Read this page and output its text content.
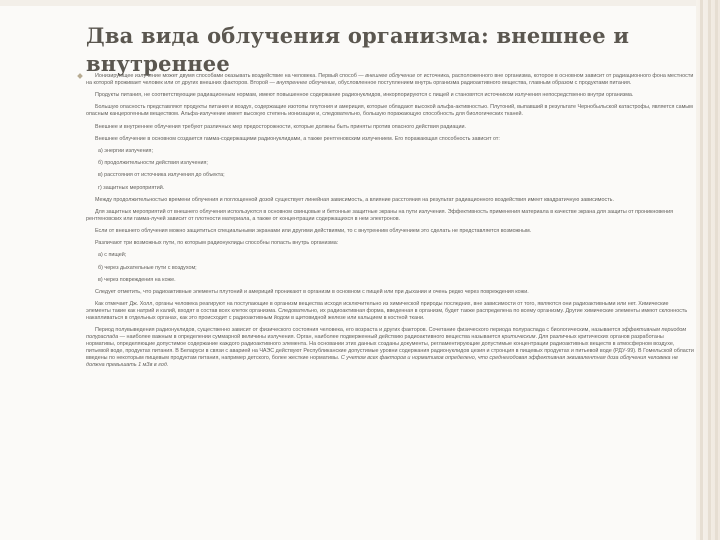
Два вида облучения организма: внешнее и внутреннее

Ионизирующее излучение может двумя способами оказывать воздействие на человека. Первый способ — внешнее облучение от источника, расположенного вне организма, которое в основном зависит от радиационного фона местности на которой проживает человек или от других внешних факторов. Второй — внутреннее облучение, обусловленное поступлением внутрь организма радиоактивного вещества, главным образом с продуктами питания.

Продукты питания, не соответствующие радиационным нормам, имеют повышенное содержание радионуклидов, инкорпорируются с пищей и становятся источником излучения непосредственно внутри организма.

Большую опасность представляют продукты питания и воздух, содержащие изотопы плутония и америция, которые обладают высокой альфа-активностью. Плутоний, выпавший в результате Чернобыльской катастрофы, является самым опасным канцерогенным веществом. Альфа-излучение имеет высокую степень ионизации и, следовательно, большую поражающую способность для биологических тканей.

Внешнее и внутреннее облучения требуют различных мер предосторожности, которые должны быть приняты против опасного действия радиации.

Внешнее облучение в основном создается гамма-содержащими радионуклидами, а также рентгеновским излучением. Его поражающая способность зависит от:

а) энергии излучения;

б) продолжительности действия излучения;

в) расстояния от источника излучения до объекта;

г) защитных мероприятий.

Между продолжительностью времени облучения и поглощенной дозой существует линейная зависимость, а влияние расстояния на результат радиационного воздействия имеет квадратичную зависимость.

Для защитных мероприятий от внешнего облучения используются в основном свинцовые и бетонные защитные экраны на пути излучения. Эффективность применения материала в качестве экрана для защиты от проникновения рентгеновских или гамма-лучей зависит от плотности материала, а также от концентрации содержащихся в нем электронов.

Если от внешнего облучения можно защититься специальными экранами или другими действиями, то с внутренним облучением это сделать не представляется возможным.

Различают три возможных пути, по которым радионуклиды способны попасть внутрь организма:

а) с пищей;

б) через дыхательные пути с воздухом;

в) через повреждения на коже.

Следует отметить, что радиоактивные элементы плутоний и америций проникают в организм в основном с пищей или при дыхании и очень редко через повреждения кожи.

Как отмечает Дж. Холл, органы человека реагируют на поступающие в организм вещества исходя исключительно из химической природы последних, вне зависимости от того, являются они радиоактивными или нет. Химические элементы такие как натрий и калий, входят в состав всех клеток организма. Следовательно, их радиоактивная форма, введенная в организм, будет также распределена по всему организму. Другие химические элементы имеют склонность накапливаться в отдельных органах, как это происходит с радиоактивным йодом в щитовидной железе или кальцием в костной ткани.

Период полувыведения радионуклидов, существенно зависит от физического состояния человека, его возраста и других факторов. Сочетание физического периода полураспада с биологическим, называется эффективным периодом полураспада — наиболее важным в определении суммарной величины излучения. Орган, наиболее подверженный действию радиоактивного вещества называется критическим. Для различных критических органов разработаны нормативы, определяющие допустимое содержание каждого радиоактивного элемента. На основании этих данных созданы документы, регламентирующие допустимые концентрации радиоактивных веществ в атмосферном воздухе, питьевой воде, продуктах питания. В Беларуси в связи с аварией на ЧАЭС действуют Республиканские допустимые уровни содержания радионуклидов цезия и стронция в пищевых продуктах и питьевой воде (РДУ-99). В Гомельской области введены по некоторым пищевым продуктам питания, например детского, более жесткие нормативы. С учетом всех факторов и нормативов определено, что среднегодовая эффективная эквивалентная доза облучения человека не должна превышать 1 мЗв в год.
